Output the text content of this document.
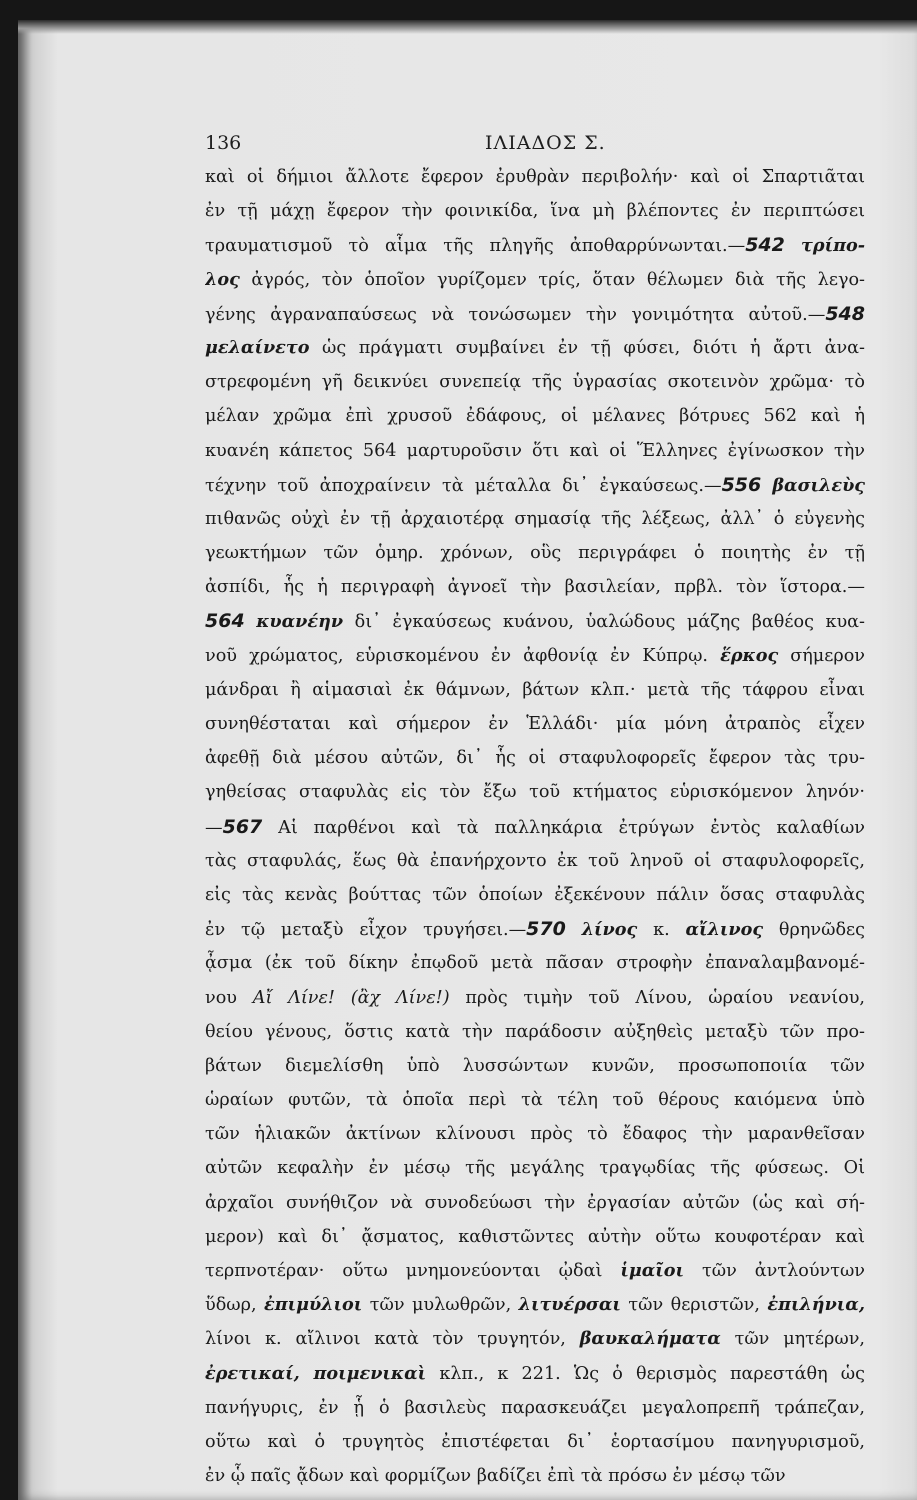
136	ΙΛΙΑΔΟΣ Σ.
καὶ οἱ δήμιοι ἄλλοτε ἔφερον ἐρυθρὰν περιβολήν· καὶ οἱ Σπαρτιᾶται
ἐν τῇ μάχῃ ἔφερον τὴν φοινικίδα, ἵνα μὴ βλέποντες ἐν περιπτώσει
τραυματισμοῦ τὸ αἷμα τῆς πληγῆς ἀποθαρρύνωνται.—542 τρίπο-
λος ἀγρός, τὸν ὁποῖον γυρίζομεν τρίς, ὅταν θέλωμεν διὰ τῆς λεγο-
γένης ἀγραναπαύσεως νὰ τονώσωμεν τὴν γονιμότητα αὐτοῦ.—548
μελαίνετο ὡς πράγματι συμβαίνει ἐν τῇ φύσει, διότι ἡ ἄρτι ἀνα-
στρεφομένη γῆ δεικνύει συνεπείᾳ τῆς ὑγρασίας σκοτεινὸν χρῶμα· τὸ
μέλαν χρῶμα ἐπὶ χρυσοῦ ἐδάφους, οἱ μέλανες βότρυες 562 καὶ ἡ
κυανέη κάπετος 564 μαρτυροῦσιν ὅτι καὶ οἱ Ἕλληνες ἐγίνωσκον τὴν
τέχνην τοῦ ἀποχραίνειν τὰ μέταλλα δι᾽ ἐγκαύσεως.—556 βασιλεὺς
πιθανῶς οὐχὶ ἐν τῇ ἀρχαιοτέρᾳ σημασίᾳ τῆς λέξεως, ἀλλ᾽ ὁ εὐγενὴς
γεωκτήμων τῶν ὁμηρ. χρόνων, οὓς περιγράφει ὁ ποιητὴς ἐν τῇ
ἀσπίδι, ἧς ἡ περιγραφὴ ἀγνοεῖ τὴν βασιλείαν, πρβλ. τὸν ἵστορα.—
564 κυανέην δι᾽ ἐγκαύσεως κυάνου, ὑαλώδους μάζης βαθέος κυα-
νοῦ χρώματος, εὑρισκομένου ἐν ἀφθονίᾳ ἐν Κύπρῳ. ἕρκος σήμερον
μάνδραι ἢ αἱμασιαὶ ἐκ θάμνων, βάτων κλπ.· μετὰ τῆς τάφρου εἶναι
συνηθέσταται καὶ σήμερον ἐν Ἑλλάδι· μία μόνη ἀτραπὸς εἶχεν
ἀφεθῇ διὰ μέσου αὐτῶν, δι᾽ ἧς οἱ σταφυλοφορεῖς ἔφερον τὰς τρυ-
γηθείσας σταφυλὰς εἰς τὸν ἔξω τοῦ κτήματος εὑρισκόμενον ληνόν·
—567 Αἱ παρθένοι καὶ τὰ παλληκάρια ἐτρύγων ἐντὸς καλαθίων
τὰς σταφυλάς, ἕως θὰ ἐπανήρχοντο ἐκ τοῦ ληνοῦ οἱ σταφυλοφορεῖς,
εἰς τὰς κενὰς βούττας τῶν ὁποίων ἐξεκένουν πάλιν ὅσας σταφυλὰς
ἐν τῷ μεταξὺ εἶχον τρυγήσει.—570 λίνος κ. αἴλινος θρηνῶδες
ᾆσμα (ἐκ τοῦ δίκην ἐπῳδοῦ μετὰ πᾶσαν στροφὴν ἐπαναλαμβανομέ-
νου Αἴ Λίνε! (ἂχ Λίνε!) πρὸς τιμὴν τοῦ Λίνου, ὡραίου νεανίου,
θείου γένους, ὅστις κατὰ τὴν παράδοσιν αὐξηθεὶς μεταξὺ τῶν προ-
βάτων διεμελίσθη ὑπὸ λυσσώντων κυνῶν, προσωποποιία τῶν
ὡραίων φυτῶν, τὰ ὁποῖα περὶ τὰ τέλη τοῦ θέρους καιόμενα ὑπὸ
τῶν ἡλιακῶν ἀκτίνων κλίνουσι πρὸς τὸ ἔδαφος τὴν μαρανθεῖσαν
αὐτῶν κεφαλὴν ἐν μέσῳ τῆς μεγάλης τραγῳδίας τῆς φύσεως. Οἱ
ἀρχαῖοι συνήθιζον νὰ συνοδεύωσι τὴν ἐργασίαν αὐτῶν (ὡς καὶ σή-
μερον) καὶ δι᾽ ᾄσματος, καθιστῶντες αὐτὴν οὕτω κουφοτέραν καὶ
τερπνοτέραν· οὕτω μνημονεύονται ᾠδαὶ ἱμαῖοι τῶν ἀντλούντων
ὕδωρ, ἐπιμύλιοι τῶν μυλωθρῶν, λιτυέρσαι τῶν θεριστῶν, ἐπιλήνια,
λίνοι κ. αἴλινοι κατὰ τὸν τρυγητόν, βαυκαλήματα τῶν μητέρων,
ἐρετικαί, ποιμενικαὶ κλπ., κ 221. Ὡς ὁ θερισμὸς παρεστάθη ὡς
πανήγυρις, ἐν ᾗ ὁ βασιλεὺς παρασκευάζει μεγαλοπρεπῆ τράπεζαν,
οὕτω καὶ ὁ τρυγητὸς ἐπιστέφεται δι᾽ ἑορτασίμου πανηγυρισμοῦ,
ἐν ᾧ παῖς ᾄδων καὶ φορμίζων βαδίζει ἐπὶ τὰ πρόσω ἐν μέσῳ τῶν
